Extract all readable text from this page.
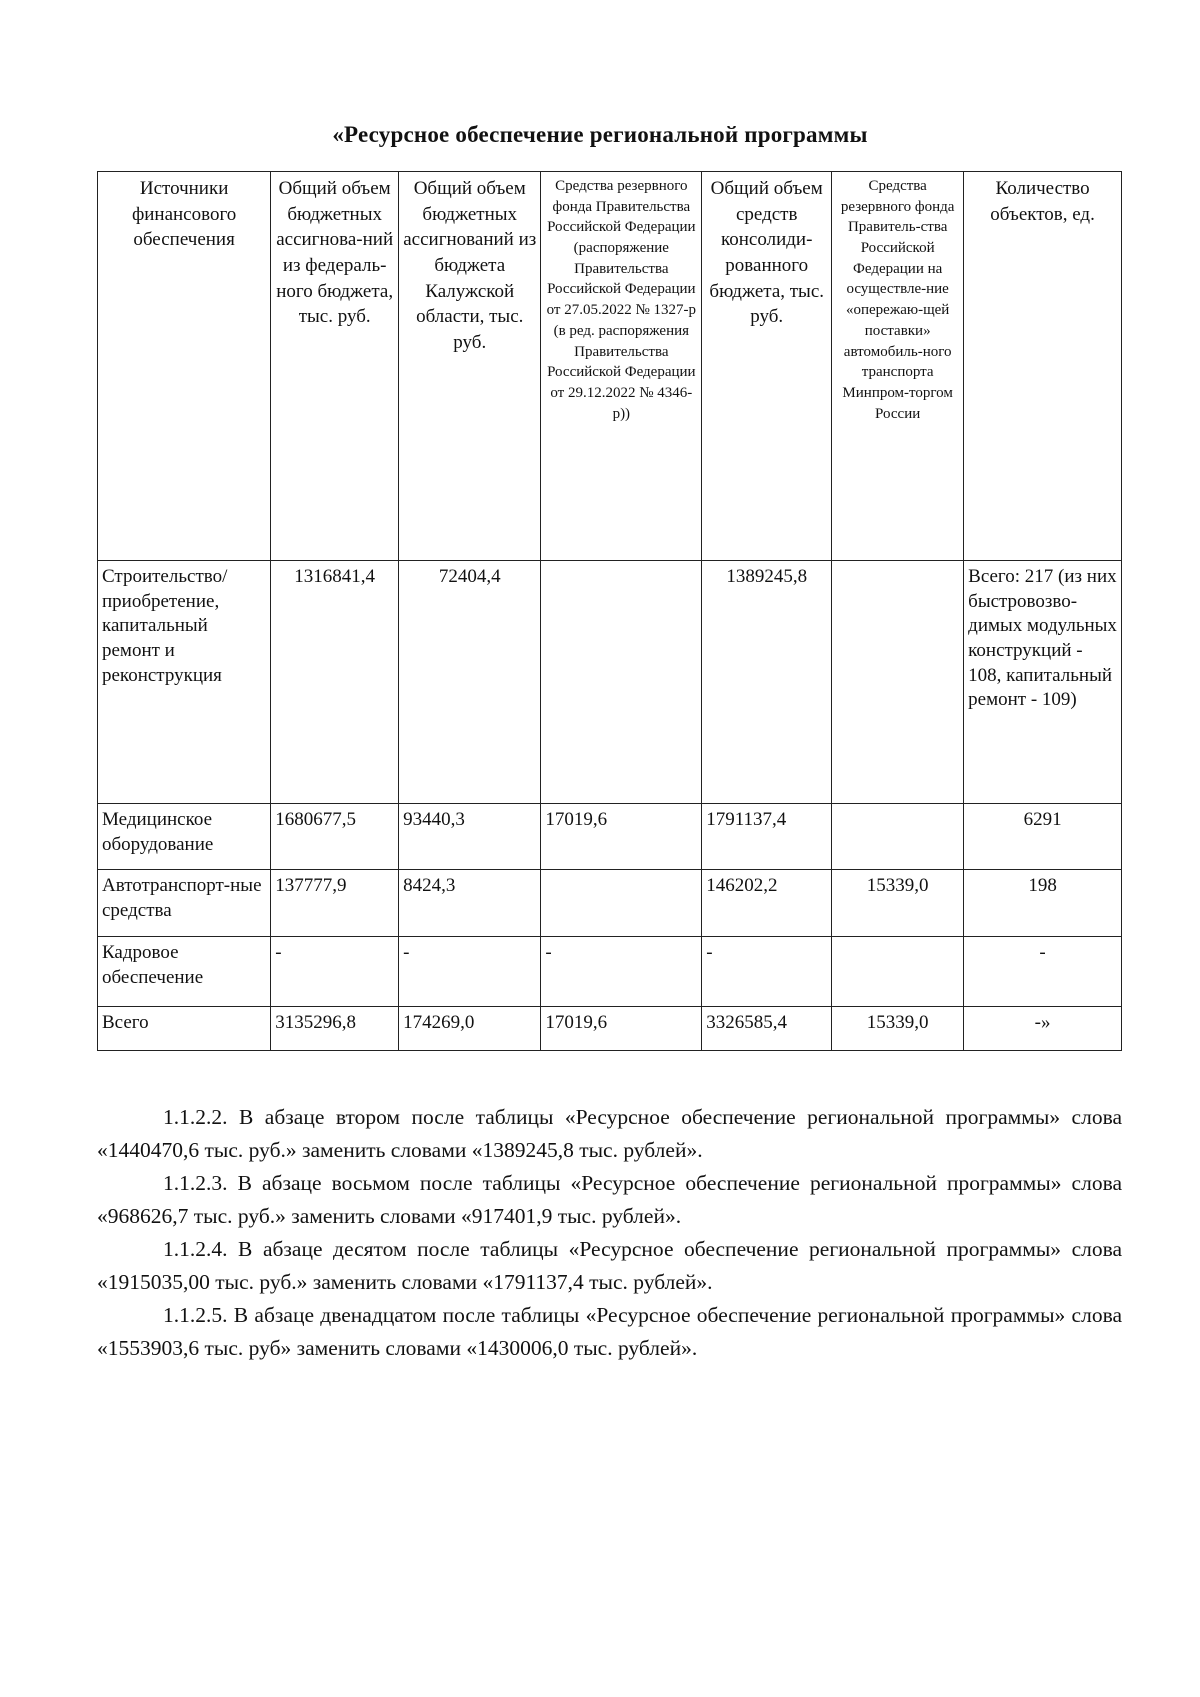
«Ресурсное обеспечение региональной программы
Источники финансового обеспечения	Общий объем бюджетных ассигнова-ний из федераль-ного бюджета, тыс. руб.	Общий объем бюджетных ассигнований из бюджета Калужской области, тыс. руб.	Средства резервного фонда Правительства Российской Федерации (распоряжение Правительства Российской Федерации от 27.05.2022 № 1327-р (в ред. распоряжения Правительства Российской Федерации от 29.12.2022 № 4346-р))	Общий объем средств консолиди-рованного бюджета, тыс. руб.	Средства резервного фонда Правитель-ства Российской Федерации на осуществле-ние «опережаю-щей поставки» автомобиль-ного транспорта Минпром-торгом России	Количество объектов, ед.
Строительство/ приобретение, капитальный ремонт и реконструкция	1316841,4	72404,4		1389245,8		Всего: 217 (из них быстровозво-димых модульных конструкций - 108, капитальный ремонт - 109)
Медицинское оборудование	1680677,5	93440,3	17019,6	1791137,4		6291
Автотранспорт-ные средства	137777,9	8424,3		146202,2	15339,0	198
Кадровое обеспечение	-	-	-	-		-
Всего	3135296,8	174269,0	17019,6	3326585,4	15339,0	-»
1.1.2.2. В абзаце втором после таблицы «Ресурсное обеспечение региональной программы» слова «1440470,6 тыс. руб.» заменить словами «1389245,8 тыс. рублей».
1.1.2.3. В абзаце восьмом после таблицы «Ресурсное обеспечение региональной программы» слова «968626,7 тыс. руб.» заменить словами «917401,9 тыс. рублей».
1.1.2.4. В абзаце десятом после таблицы «Ресурсное обеспечение региональной программы» слова «1915035,00 тыс. руб.» заменить словами «1791137,4 тыс. рублей».
1.1.2.5. В абзаце двенадцатом после таблицы «Ресурсное обеспечение региональной программы» слова «1553903,6 тыс. руб» заменить словами «1430006,0 тыс. рублей».
